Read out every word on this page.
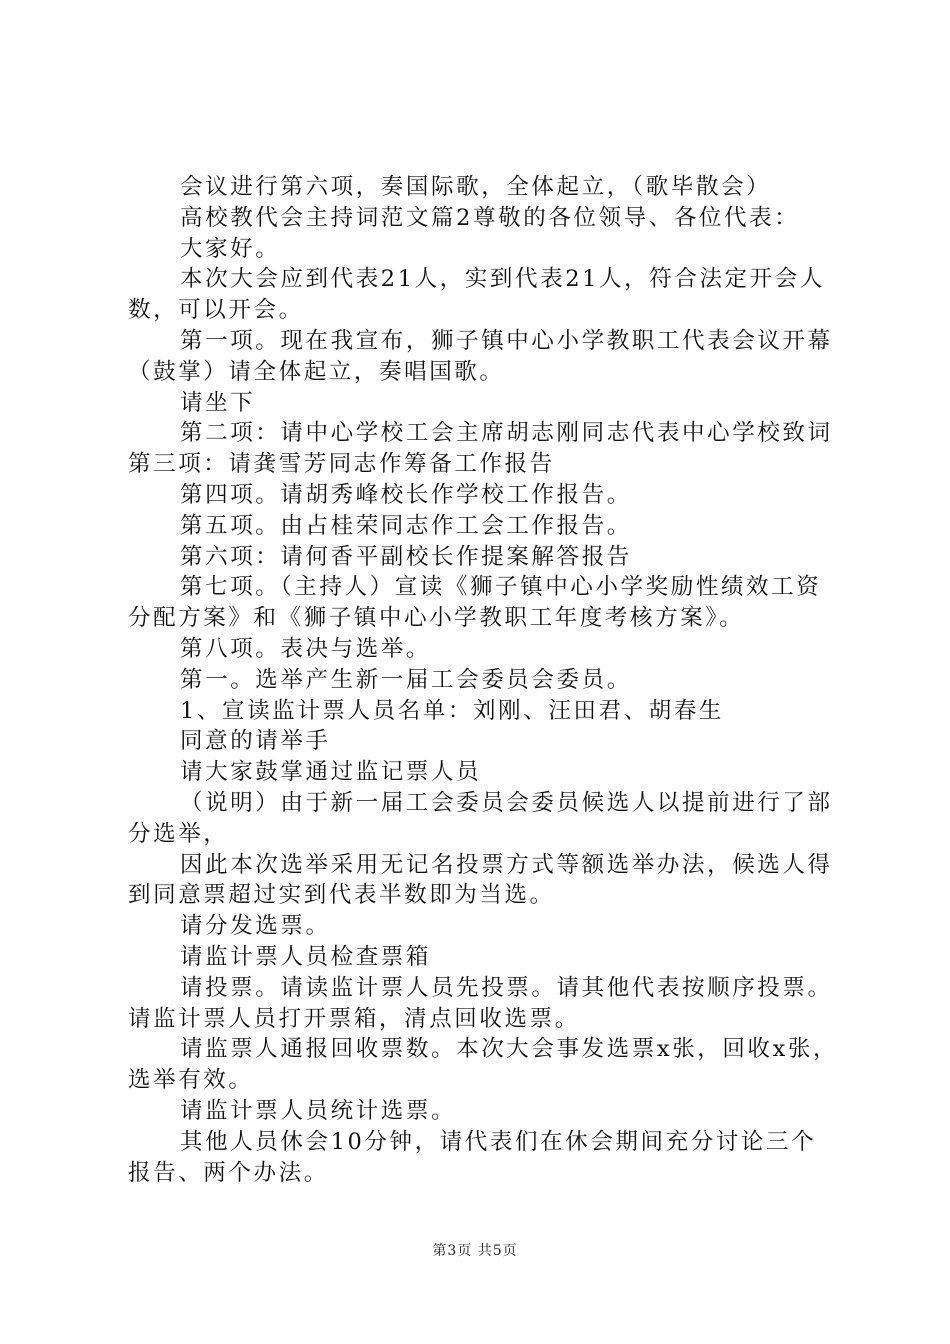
会议进行第六项，奏国际歌，全体起立，（歌毕散会）

高校教代会主持词范文篇2尊敬的各位领导、各位代表：

大家好。

本次大会应到代表21人，实到代表21人，符合法定开会人数，可以开会。

第一项。现在我宣布，狮子镇中心小学教职工代表会议开幕（鼓掌）请全体起立，奏唱国歌。

请坐下

第二项：请中心学校工会主席胡志刚同志代表中心学校致词第三项：请龚雪芳同志作筹备工作报告

第四项。请胡秀峰校长作学校工作报告。

第五项。由占桂荣同志作工会工作报告。

第六项：请何香平副校长作提案解答报告

第七项。（主持人）宣读《狮子镇中心小学奖励性绩效工资分配方案》和《狮子镇中心小学教职工年度考核方案》。

第八项。表决与选举。

第一。选举产生新一届工会委员会委员。

1、宣读监计票人员名单：刘刚、汪田君、胡春生

同意的请举手

请大家鼓掌通过监记票人员

（说明）由于新一届工会委员会委员候选人以提前进行了部分选举，

因此本次选举采用无记名投票方式等额选举办法，候选人得到同意票超过实到代表半数即为当选。

请分发选票。

请监计票人员检查票箱

请投票。请读监计票人员先投票。请其他代表按顺序投票。请监计票人员打开票箱，清点回收选票。

请监票人通报回收票数。本次大会事发选票x张，回收x张，选举有效。

请监计票人员统计选票。

其他人员休会10分钟，请代表们在休会期间充分讨论三个报告、两个办法。

第3页 共5页
